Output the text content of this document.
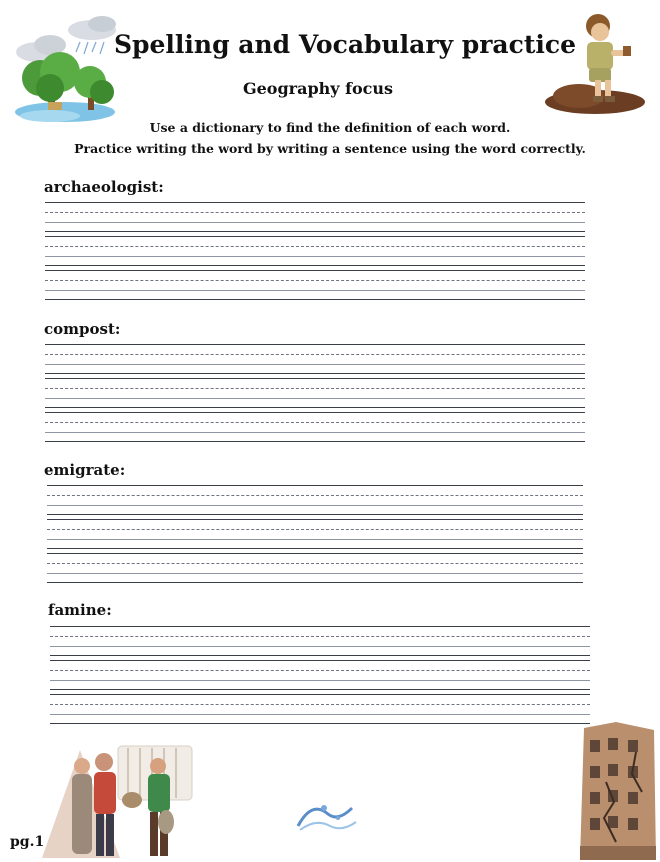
Spelling and Vocabulary practice
Geography focus
Use a dictionary to find the definition of each word.
Practice writing the word by writing a sentence using the word correctly.
archaeologist:
compost:
emigrate:
famine:
pg.1
